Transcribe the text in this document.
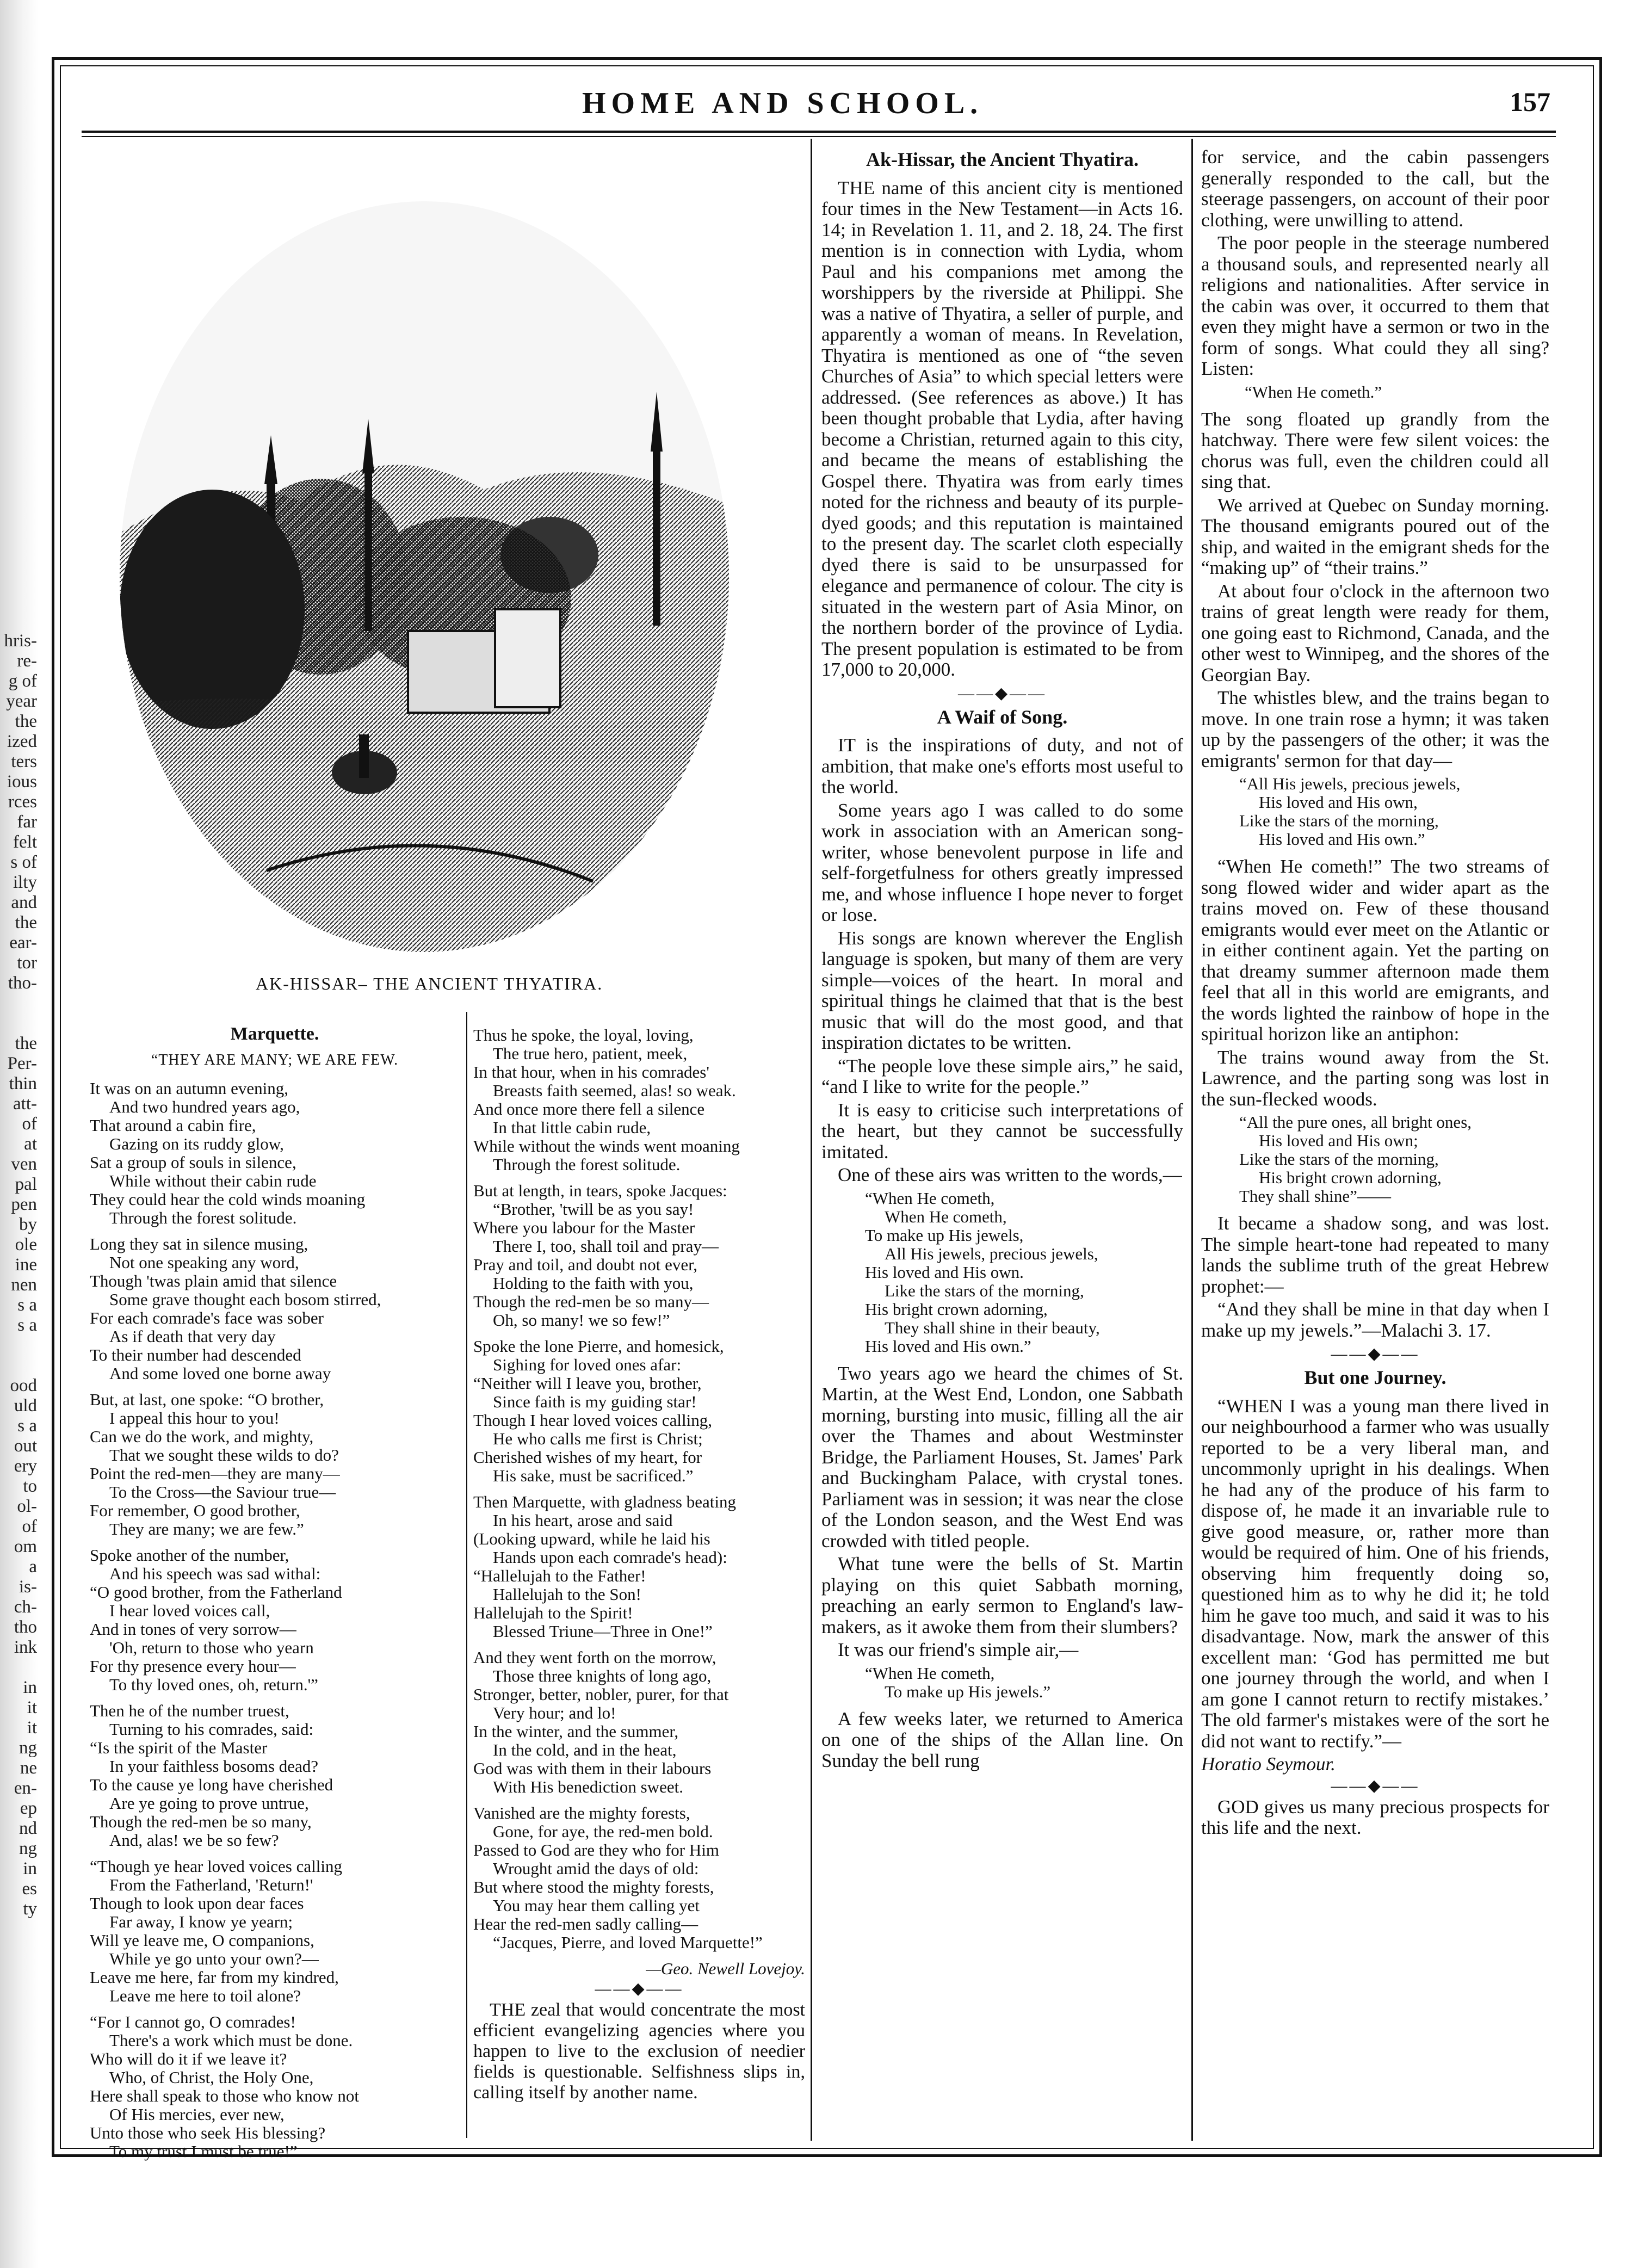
hris-
re-
g of
year
the
ized
ters
ious
rces
far
felt
s of
ilty
and
the
ear-
tor
tho-

the
Per-
thin
att-
of
at
ven
pal
pen
by
ole
ine
nen
s a
s a

ood
uld
s a
out
ery
to
ol-
of
om
a
is-
ch-
tho
ink

in
it
it
ng
ne
en-
ep
nd
ng
in
es
ty
HOME AND SCHOOL.	157
AK-HISSAR– THE ANCIENT THYATIRA.
Marquette.
“THEY ARE MANY; WE ARE FEW.
It was on an autumn evening,
And two hundred years ago,
That around a cabin fire,
Gazing on its ruddy glow,
Sat a group of souls in silence,
While without their cabin rude
They could hear the cold winds moaning
Through the forest solitude.
Long they sat in silence musing,
Not one speaking any word,
Though 'twas plain amid that silence
Some grave thought each bosom stirred,
For each comrade's face was sober
As if death that very day
To their number had descended
And some loved one borne away
But, at last, one spoke: “O brother,
I appeal this hour to you!
Can we do the work, and mighty,
That we sought these wilds to do?
Point the red-men—they are many—
To the Cross—the Saviour true—
For remember, O good brother,
They are many; we are few.”
Spoke another of the number,
And his speech was sad withal:
“O good brother, from the Fatherland
I hear loved voices call,
And in tones of very sorrow—
'Oh, return to those who yearn
For thy presence every hour—
To thy loved ones, oh, return.'”
Then he of the number truest,
Turning to his comrades, said:
“Is the spirit of the Master
In your faithless bosoms dead?
To the cause ye long have cherished
Are ye going to prove untrue,
Though the red-men be so many,
And, alas! we be so few?
“Though ye hear loved voices calling
From the Fatherland, 'Return!'
Though to look upon dear faces
Far away, I know ye yearn;
Will ye leave me, O companions,
While ye go unto your own?—
Leave me here, far from my kindred,
Leave me here to toil alone?
“For I cannot go, O comrades!
There's a work which must be done.
Who will do it if we leave it?
Who, of Christ, the Holy One,
Here shall speak to those who know not
Of His mercies, ever new,
Unto those who seek His blessing?
To my trust I must be true!”
Thus he spoke, the loyal, loving,
The true hero, patient, meek,
In that hour, when in his comrades'
Breasts faith seemed, alas! so weak.
And once more there fell a silence
In that little cabin rude,
While without the winds went moaning
Through the forest solitude.
But at length, in tears, spoke Jacques:
“Brother, 'twill be as you say!
Where you labour for the Master
There I, too, shall toil and pray—
Pray and toil, and doubt not ever,
Holding to the faith with you,
Though the red-men be so many—
Oh, so many! we so few!”
Spoke the lone Pierre, and homesick,
Sighing for loved ones afar:
“Neither will I leave you, brother,
Since faith is my guiding star!
Though I hear loved voices calling,
He who calls me first is Christ;
Cherished wishes of my heart, for
His sake, must be sacrificed.”
Then Marquette, with gladness beating
In his heart, arose and said
(Looking upward, while he laid his
Hands upon each comrade's head):
“Hallelujah to the Father!
Hallelujah to the Son!
Hallelujah to the Spirit!
Blessed Triune—Three in One!”
And they went forth on the morrow,
Those three knights of long ago,
Stronger, better, nobler, purer, for that
Very hour; and lo!
In the winter, and the summer,
In the cold, and in the heat,
God was with them in their labours
With His benediction sweet.
Vanished are the mighty forests,
Gone, for aye, the red-men bold.
Passed to God are they who for Him
Wrought amid the days of old:
But where stood the mighty forests,
You may hear them calling yet
Hear the red-men sadly calling—
“Jacques, Pierre, and loved Marquette!”
—Geo. Newell Lovejoy.
——◆——

THE zeal that would concentrate the most efficient evangelizing agencies where you happen to live to the exclusion of needier fields is questionable. Selfishness slips in, calling itself by another name.

Ak-Hissar, the Ancient Thyatira.

THE name of this ancient city is mentioned four times in the New Testament—in Acts 16. 14; in Revelation 1. 11, and 2. 18, 24. The first mention is in connection with Lydia, whom Paul and his companions met among the worshippers by the riverside at Philippi. She was a native of Thyatira, a seller of purple, and apparently a woman of means. In Revelation, Thyatira is mentioned as one of “the seven Churches of Asia” to which special letters were addressed. (See references as above.) It has been thought probable that Lydia, after having become a Christian, returned again to this city, and became the means of establishing the Gospel there. Thyatira was from early times noted for the richness and beauty of its purple-dyed goods; and this reputation is maintained to the present day. The scarlet cloth especially dyed there is said to be unsurpassed for elegance and permanence of colour. The city is situated in the western part of Asia Minor, on the northern border of the province of Lydia. The present population is estimated to be from 17,000 to 20,000.

——◆——
A Waif of Song.

IT is the inspirations of duty, and not of ambition, that make one's efforts most useful to the world.

Some years ago I was called to do some work in association with an American song-writer, whose benevolent purpose in life and self-forgetfulness for others greatly impressed me, and whose influence I hope never to forget or lose.

His songs are known wherever the English language is spoken, but many of them are very simple—voices of the heart. In moral and spiritual things he claimed that that is the best music that will do the most good, and that inspiration dictates to be written.

“The people love these simple airs,” he said, “and I like to write for the people.”

It is easy to criticise such interpretations of the heart, but they cannot be successfully imitated.

One of these airs was written to the words,—

“When He cometh,
When He cometh,
To make up His jewels,
All His jewels, precious jewels,
His loved and His own.
Like the stars of the morning,
His bright crown adorning,
They shall shine in their beauty,
His loved and His own.”

Two years ago we heard the chimes of St. Martin, at the West End, London, one Sabbath morning, bursting into music, filling all the air over the Thames and about Westminster Bridge, the Parliament Houses, St. James' Park and Buckingham Palace, with crystal tones. Parliament was in session; it was near the close of the London season, and the West End was crowded with titled people.

What tune were the bells of St. Martin playing on this quiet Sabbath morning, preaching an early sermon to England's law-makers, as it awoke them from their slumbers?

It was our friend's simple air,—

“When He cometh,
To make up His jewels.”

A few weeks later, we returned to America on one of the ships of the Allan line. On Sunday the bell rung

for service, and the cabin passengers generally responded to the call, but the steerage passengers, on account of their poor clothing, were unwilling to attend.

The poor people in the steerage numbered a thousand souls, and represented nearly all religions and nationalities. After service in the cabin was over, it occurred to them that even they might have a sermon or two in the form of songs. What could they all sing? Listen:

“When He cometh.”

The song floated up grandly from the hatchway. There were few silent voices: the chorus was full, even the children could all sing that.

We arrived at Quebec on Sunday morning. The thousand emigrants poured out of the ship, and waited in the emigrant sheds for the “making up” of “their trains.”

At about four o'clock in the afternoon two trains of great length were ready for them, one going east to Richmond, Canada, and the other west to Winnipeg, and the shores of the Georgian Bay.

The whistles blew, and the trains began to move. In one train rose a hymn; it was taken up by the passengers of the other; it was the emigrants' sermon for that day—

“All His jewels, precious jewels,
His loved and His own,
Like the stars of the morning,
His loved and His own.”

“When He cometh!” The two streams of song flowed wider and wider apart as the trains moved on. Few of these thousand emigrants would ever meet on the Atlantic or in either continent again. Yet the parting on that dreamy summer afternoon made them feel that all in this world are emigrants, and the words lighted the rainbow of hope in the spiritual horizon like an antiphon:

The trains wound away from the St. Lawrence, and the parting song was lost in the sun-flecked woods.

“All the pure ones, all bright ones,
His loved and His own;
Like the stars of the morning,
His bright crown adorning,
They shall shine”——

It became a shadow song, and was lost. The simple heart-tone had repeated to many lands the sublime truth of the great Hebrew prophet:—

“And they shall be mine in that day when I make up my jewels.”—Malachi 3. 17.

——◆——
But one Journey.

“WHEN I was a young man there lived in our neighbourhood a farmer who was usually reported to be a very liberal man, and uncommonly upright in his dealings. When he had any of the produce of his farm to dispose of, he made it an invariable rule to give good measure, or, rather more than would be required of him. One of his friends, observing him frequently doing so, questioned him as to why he did it; he told him he gave too much, and said it was to his disadvantage. Now, mark the answer of this excellent man: ‘God has permitted me but one journey through the world, and when I am gone I cannot return to rectify mistakes.’ The old farmer's mistakes were of the sort he did not want to rectify.”—

Horatio Seymour.
——◆——

GOD gives us many precious prospects for this life and the next.
